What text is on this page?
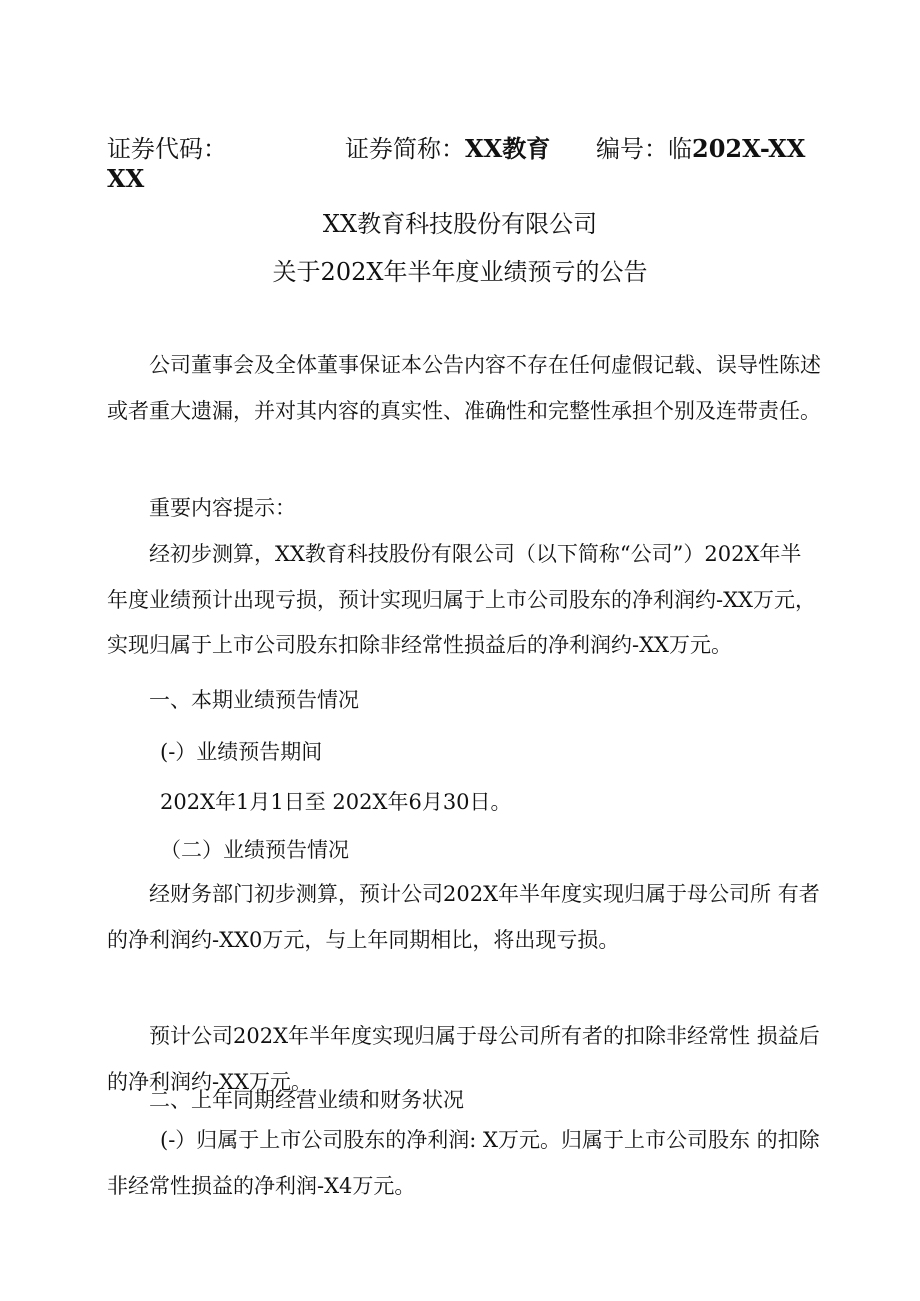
证券代码：	证券简称：XX教育 编号：临202X-XX
XX
XX教育科技股份有限公司
关于202X年半年度业绩预亏的公告

公司董事会及全体董事保证本公告内容不存在任何虚假记载、误导性陈述或者重大遗漏，并对其内容的真实性、准确性和完整性承担个别及连带责任。

重要内容提示：

经初步测算，XX教育科技股份有限公司（以下简称“公司”）202X年半年度业绩预计出现亏损，预计实现归属于上市公司股东的净利润约-XX万元，实现归属于上市公司股东扣除非经常性损益后的净利润约-XX万元。

一、本期业绩预告情况

(-）业绩预告期间

202X年1月1日至 202X年6月30日。

（二）业绩预告情况

经财务部门初步测算，预计公司202X年半年度实现归属于母公司所 有者的净利润约-XX0万元，与上年同期相比，将出现亏损。

预计公司202X年半年度实现归属于母公司所有者的扣除非经常性 损益后的净利润约-XX万元。

二、上年同期经营业绩和财务状况

(-）归属于上市公司股东的净利润: X万元。归属于上市公司股东 的扣除非经常性损益的净利润-X4万元。
